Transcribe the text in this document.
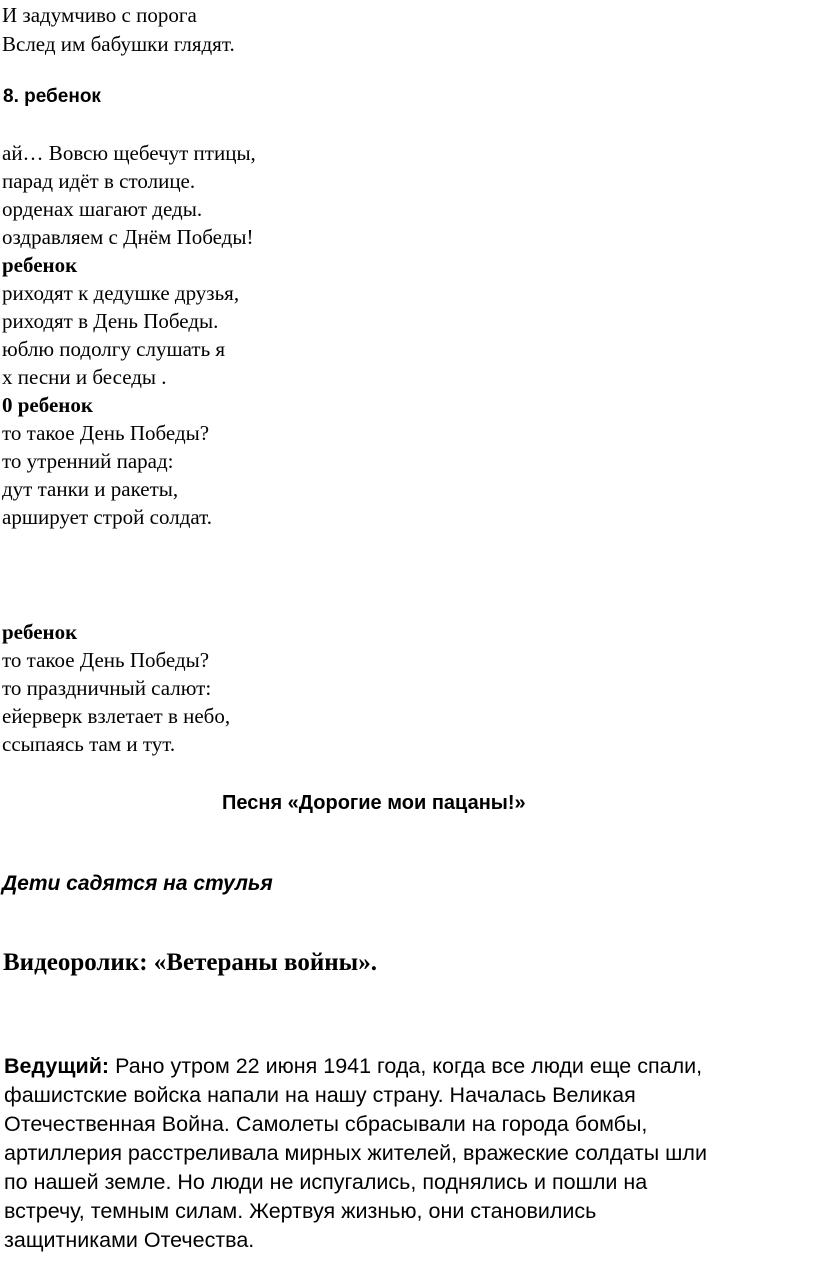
И задумчиво с порога

Вслед им бабушки глядят.

8. ребенок

ай… Вовсю щебечут птицы,

парад идёт в столице.

орденах шагают деды.

оздравляем с Днём Победы!

ребенок

риходят к дедушке друзья,

риходят в День Победы.

юблю подолгу слушать я

х песни и беседы .

0 ребенок

то такое День Победы?

то утренний парад:

дут танки и ракеты,

арширует строй солдат.

ребенок

то такое День Победы?

то праздничный салют:

ейерверк взлетает в небо,

ссыпаясь там и тут.

Песня «Дорогие мои пацаны!»

Дети садятся на стулья

Видеоролик: «Ветераны войны».

Ведущий: Рано утром 22 июня 1941 года, когда все люди еще спали,

фашистские войска напали на нашу страну. Началась Великая

Отечественная Война. Самолеты сбрасывали на города бомбы,

артиллерия расстреливала мирных жителей, вражеские солдаты шли

по нашей земле. Но люди не испугались, поднялись и пошли на

встречу, темным силам. Жертвуя жизнью, они становились

защитниками Отечества.
